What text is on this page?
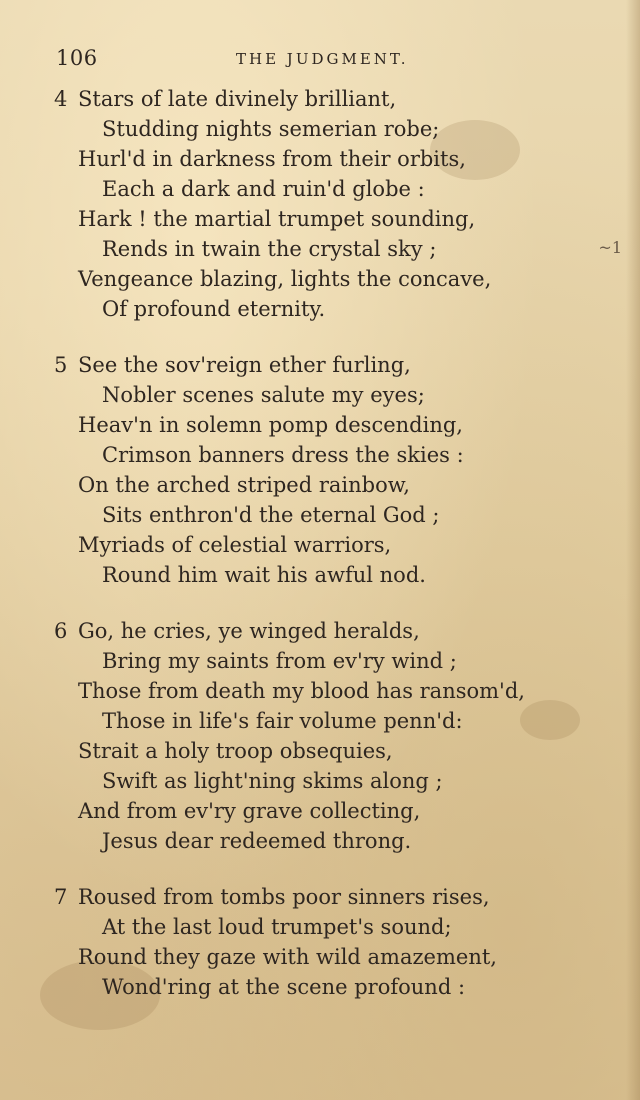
106	THE JUDGMENT.
~1
4 Stars of late divinely brilliant,
Studding nights semerian robe;
Hurl'd in darkness from their orbits,
Each a dark and ruin'd globe :
Hark ! the martial trumpet sounding,
Rends in twain the crystal sky ;
Vengeance blazing, lights the concave,
Of profound eternity.
5 See the sov'reign ether furling,
Nobler scenes salute my eyes;
Heav'n in solemn pomp descending,
Crimson banners dress the skies :
On the arched striped rainbow,
Sits enthron'd the eternal God ;
Myriads of celestial warriors,
Round him wait his awful nod.
6 Go, he cries, ye winged heralds,
Bring my saints from ev'ry wind ;
Those from death my blood has ransom'd,
Those in life's fair volume penn'd:
Strait a holy troop obsequies,
Swift as light'ning skims along ;
And from ev'ry grave collecting,
Jesus dear redeemed throng.
7 Roused from tombs poor sinners rises,
At the last loud trumpet's sound;
Round they gaze with wild amazement,
Wond'ring at the scene profound :
